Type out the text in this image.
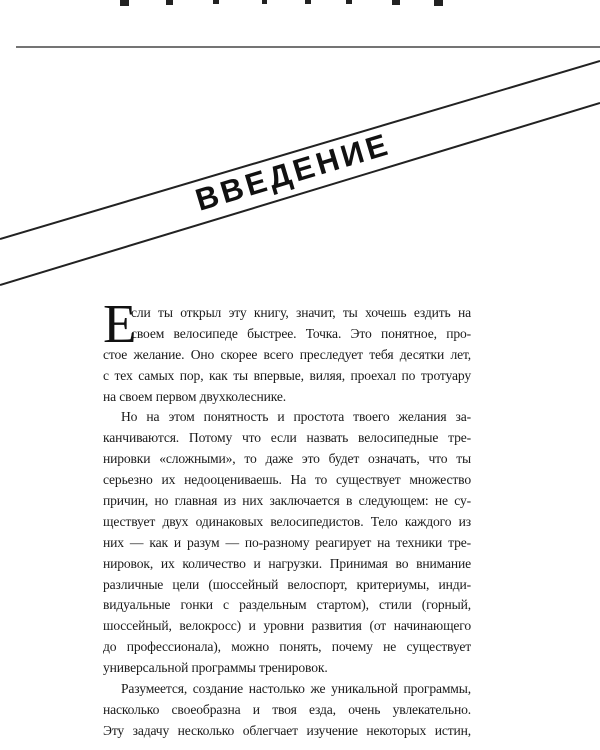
ВВЕДЕНИЕ
Е
сли ты открыл эту книгу, значит, ты хочешь ездить на
своем велосипеде быстрее. Точка. Это понятное, про-
стое желание. Оно скорее всего преследует тебя десятки лет,
с тех самых пор, как ты впервые, виляя, проехал по тротуару
на своем первом двухколеснике.
Но на этом понятность и простота твоего желания за-
канчиваются. Потому что если назвать велосипедные тре-
нировки «сложными», то даже это будет означать, что ты
серьезно их недооцениваешь. На то существует множество
причин, но главная из них заключается в следующем: не су-
ществует двух одинаковых велосипедистов. Тело каждого из
них — как и разум — по-разному реагирует на техники тре-
нировок, их количество и нагрузки. Принимая во внимание
различные цели (шоссейный велоспорт, критериумы, инди-
видуальные гонки с раздельным стартом), стили (горный,
шоссейный, велокросс) и уровни развития (от начинающего
до профессионала), можно понять, почему не существует
универсальной программы тренировок.
Разумеется, создание настолько же уникальной программы,
насколько своеобразна и твоя езда, очень увлекательно.
Эту задачу несколько облегчает изучение некоторых истин,
